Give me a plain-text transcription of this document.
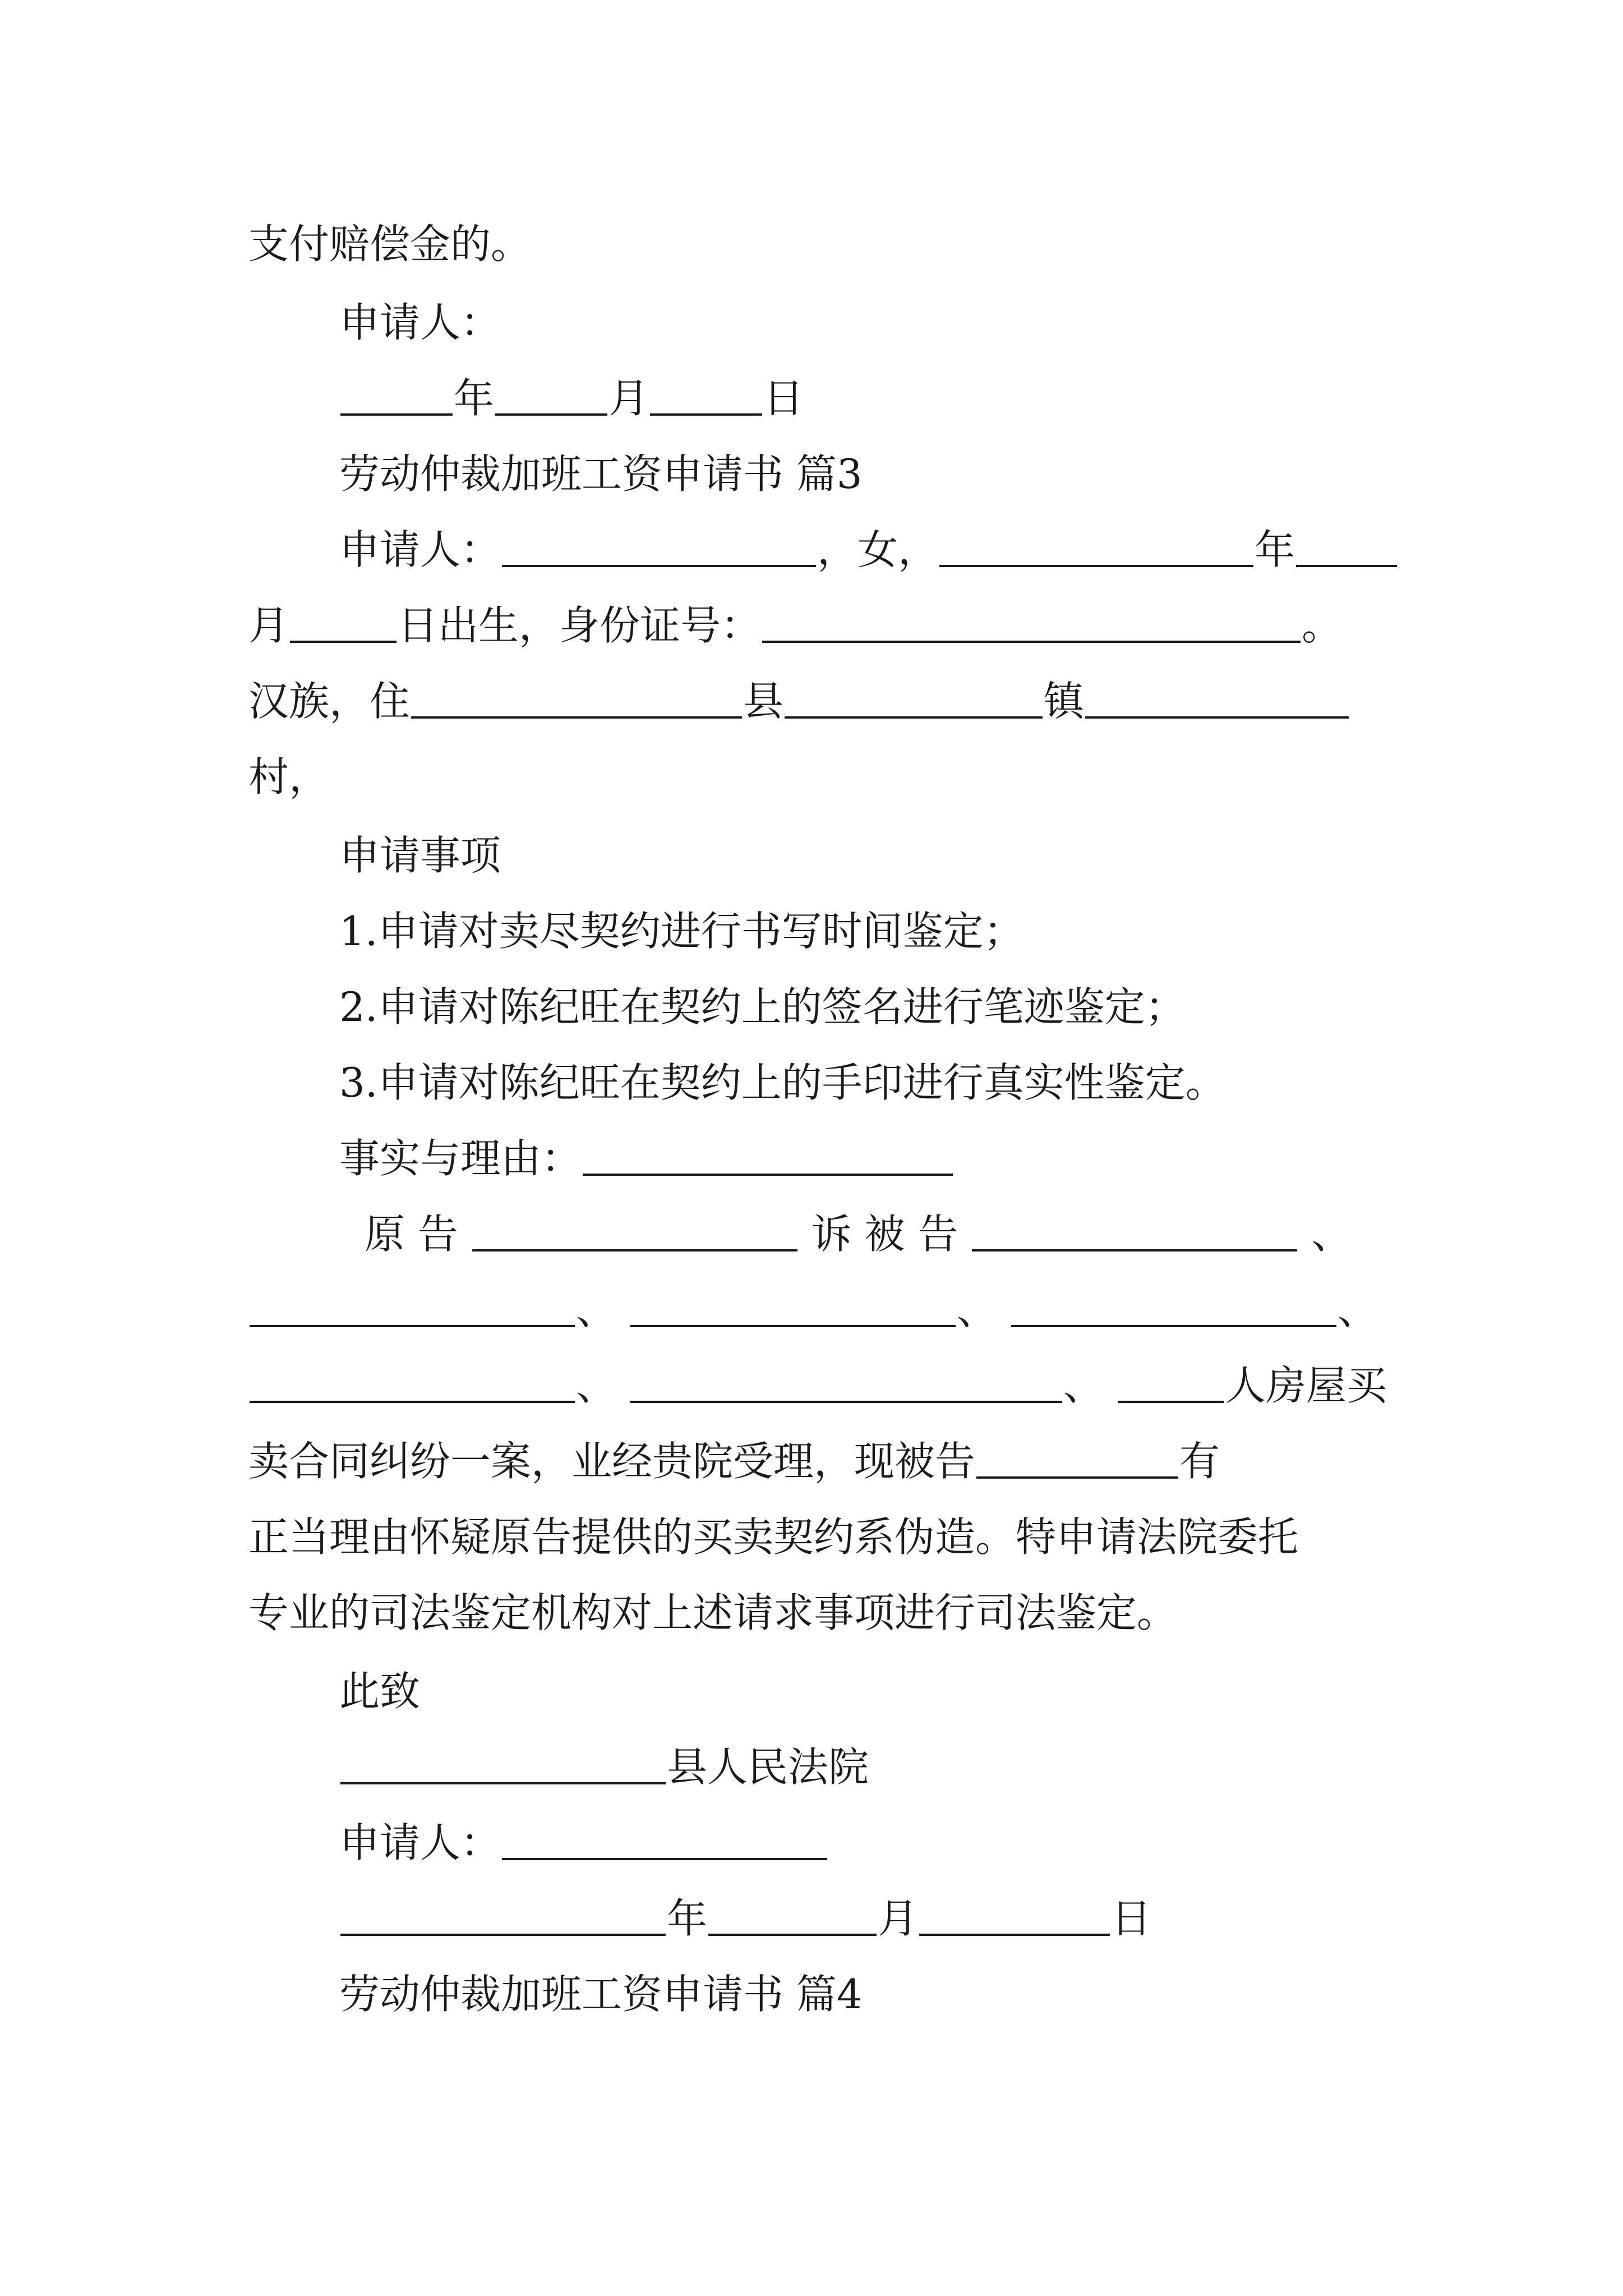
支付赔偿金的。
申请人：
年	月	日
劳动仲裁加班工资申请书 篇3
申请人：	，女，	年
月	日出生，身份证号：	。
汉族，住	县	镇
村，
申请事项
1.申请对卖尽契约进行书写时间鉴定；
2.申请对陈纪旺在契约上的签名进行笔迹鉴定；
3.申请对陈纪旺在契约上的手印进行真实性鉴定。
事实与理由：
原 告	诉 被 告	、
、	、	、
、	、	人房屋买
卖合同纠纷一案，业经贵院受理，现被告	有
正当理由怀疑原告提供的买卖契约系伪造。特申请法院委托
专业的司法鉴定机构对上述请求事项进行司法鉴定。
此致
县人民法院
申请人：
年	月	日
劳动仲裁加班工资申请书 篇4
